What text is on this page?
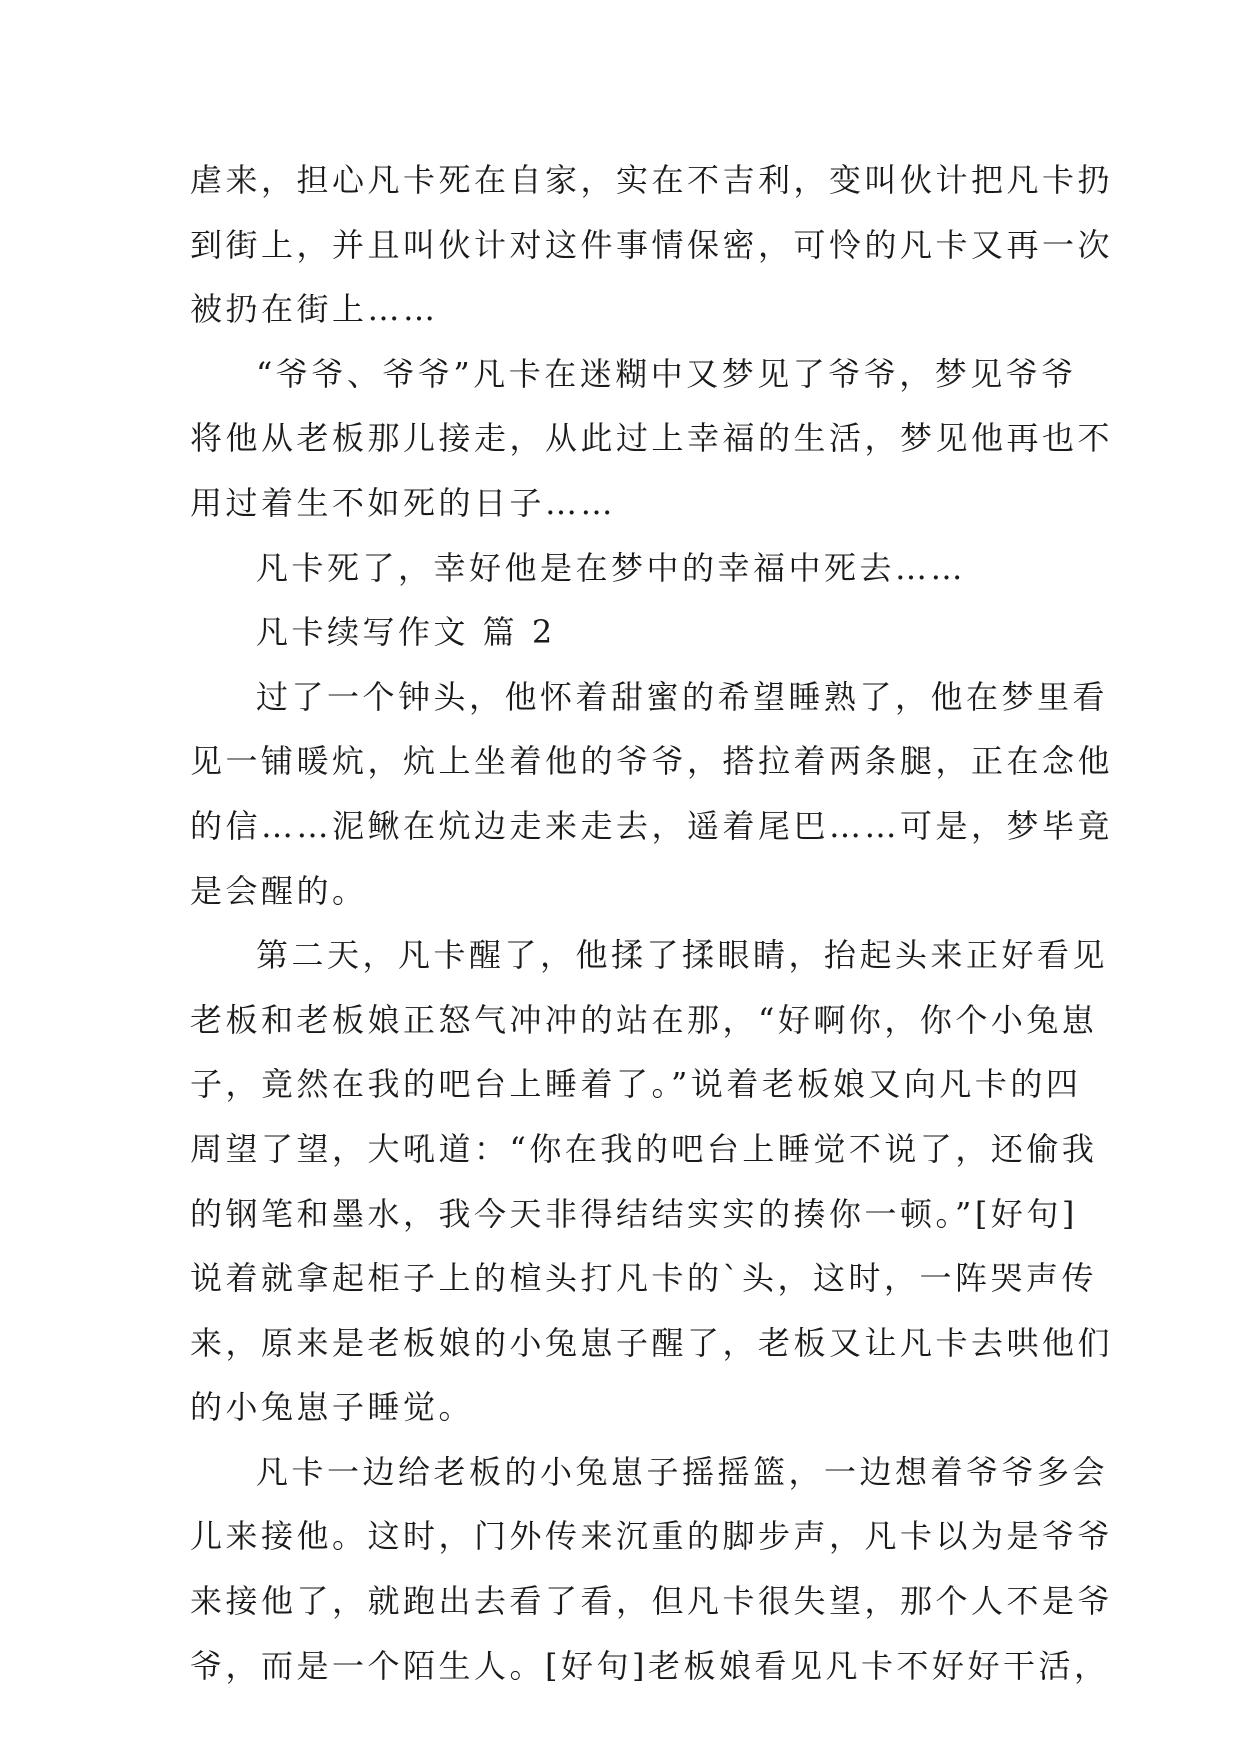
虐来，担心凡卡死在自家，实在不吉利，变叫伙计把凡卡扔
到街上，并且叫伙计对这件事情保密，可怜的凡卡又再一次
被扔在街上……
“爷爷、爷爷”凡卡在迷糊中又梦见了爷爷，梦见爷爷
将他从老板那儿接走，从此过上幸福的生活，梦见他再也不
用过着生不如死的日子……
凡卡死了，幸好他是在梦中的幸福中死去……
凡卡续写作文 篇 2
过了一个钟头，他怀着甜蜜的希望睡熟了，他在梦里看
见一铺暖炕，炕上坐着他的爷爷，搭拉着两条腿，正在念他
的信……泥鳅在炕边走来走去，遥着尾巴……可是，梦毕竟
是会醒的。
第二天，凡卡醒了，他揉了揉眼睛，抬起头来正好看见
老板和老板娘正怒气冲冲的站在那，“好啊你，你个小兔崽
子，竟然在我的吧台上睡着了。”说着老板娘又向凡卡的四
周望了望，大吼道：“你在我的吧台上睡觉不说了，还偷我
的钢笔和墨水，我今天非得结结实实的揍你一顿。”[好句]
说着就拿起柜子上的楦头打凡卡的`头，这时，一阵哭声传
来，原来是老板娘的小兔崽子醒了，老板又让凡卡去哄他们
的小兔崽子睡觉。
凡卡一边给老板的小兔崽子摇摇篮，一边想着爷爷多会
儿来接他。这时，门外传来沉重的脚步声，凡卡以为是爷爷
来接他了，就跑出去看了看，但凡卡很失望，那个人不是爷
爷，而是一个陌生人。[好句]老板娘看见凡卡不好好干活，
